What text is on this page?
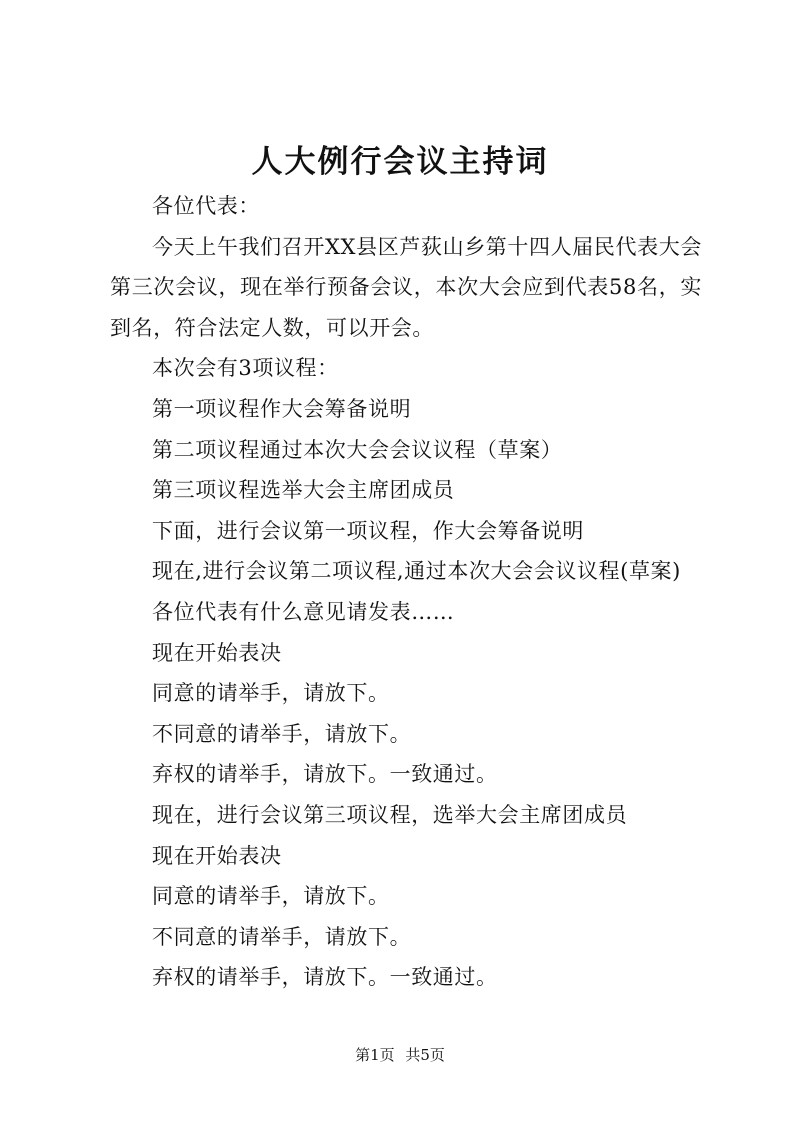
人大例行会议主持词

各位代表：

今天上午我们召开XX县区芦荻山乡第十四人届民代表大会第三次会议，现在举行预备会议，本次大会应到代表58名，实到名，符合法定人数，可以开会。

本次会有3项议程：

第一项议程作大会筹备说明

第二项议程通过本次大会会议议程（草案）

第三项议程选举大会主席团成员

下面，进行会议第一项议程，作大会筹备说明

现在,进行会议第二项议程,通过本次大会会议议程(草案)

各位代表有什么意见请发表……

现在开始表决

同意的请举手，请放下。

不同意的请举手，请放下。

弃权的请举手，请放下。一致通过。

现在，进行会议第三项议程，选举大会主席团成员

现在开始表决

同意的请举手，请放下。

不同意的请举手，请放下。

弃权的请举手，请放下。一致通过。

第1页 共5页
